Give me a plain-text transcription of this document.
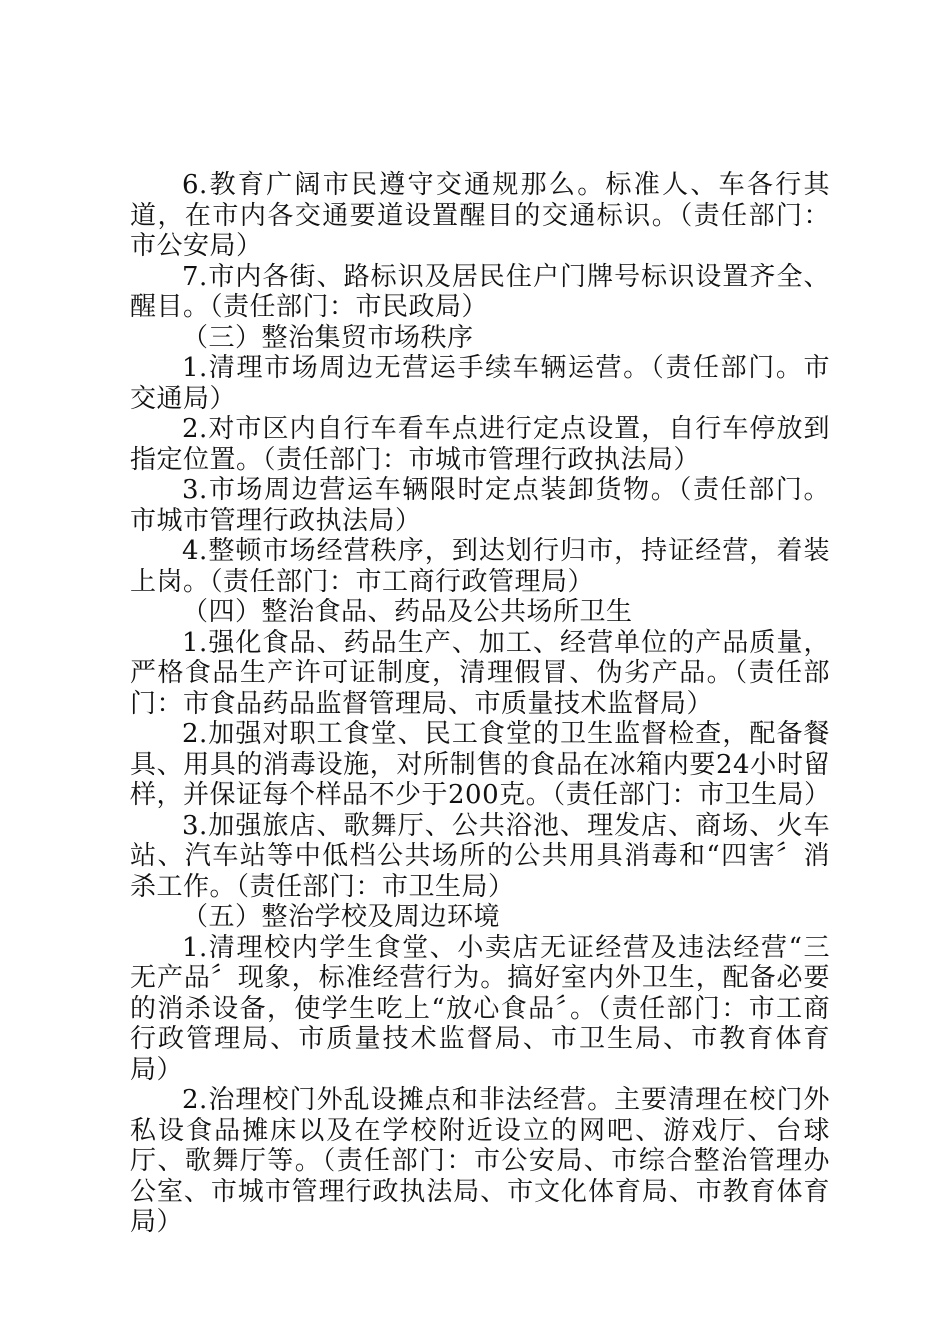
6.教育广阔市民遵守交通规那么。标准人、车各行其道，在市内各交通要道设置醒目的交通标识。（责任部门：市公安局）

7.市内各街、路标识及居民住户门牌号标识设置齐全、醒目。（责任部门：市民政局）

（三）整治集贸市场秩序

1.清理市场周边无营运手续车辆运营。（责任部门。市交通局）

2.对市区内自行车看车点进行定点设置，自行车停放到指定位置。（责任部门：市城市管理行政执法局）

3.市场周边营运车辆限时定点装卸货物。（责任部门。市城市管理行政执法局）

4.整顿市场经营秩序，到达划行归市，持证经营，着装上岗。（责任部门：市工商行政管理局）

（四）整治食品、药品及公共场所卫生

1.强化食品、药品生产、加工、经营单位的产品质量，严格食品生产许可证制度，清理假冒、伪劣产品。（责任部门：市食品药品监督管理局、市质量技术监督局）

2.加强对职工食堂、民工食堂的卫生监督检查，配备餐具、用具的消毒设施，对所制售的食品在冰箱内要24小时留样，并保证每个样品不少于200克。（责任部门：市卫生局）

3.加强旅店、歌舞厅、公共浴池、理发店、商场、火车站、汽车站等中低档公共场所的公共用具消毒和“四害〞消杀工作。（责任部门：市卫生局）

（五）整治学校及周边环境

1.清理校内学生食堂、小卖店无证经营及违法经营“三无产品〞现象，标准经营行为。搞好室内外卫生，配备必要的消杀设备，使学生吃上“放心食品〞。（责任部门：市工商行政管理局、市质量技术监督局、市卫生局、市教育体育局）

2.治理校门外乱设摊点和非法经营。主要清理在校门外私设食品摊床以及在学校附近设立的网吧、游戏厅、台球厅、歌舞厅等。（责任部门：市公安局、市综合整治管理办公室、市城市管理行政执法局、市文化体育局、市教育体育局）
